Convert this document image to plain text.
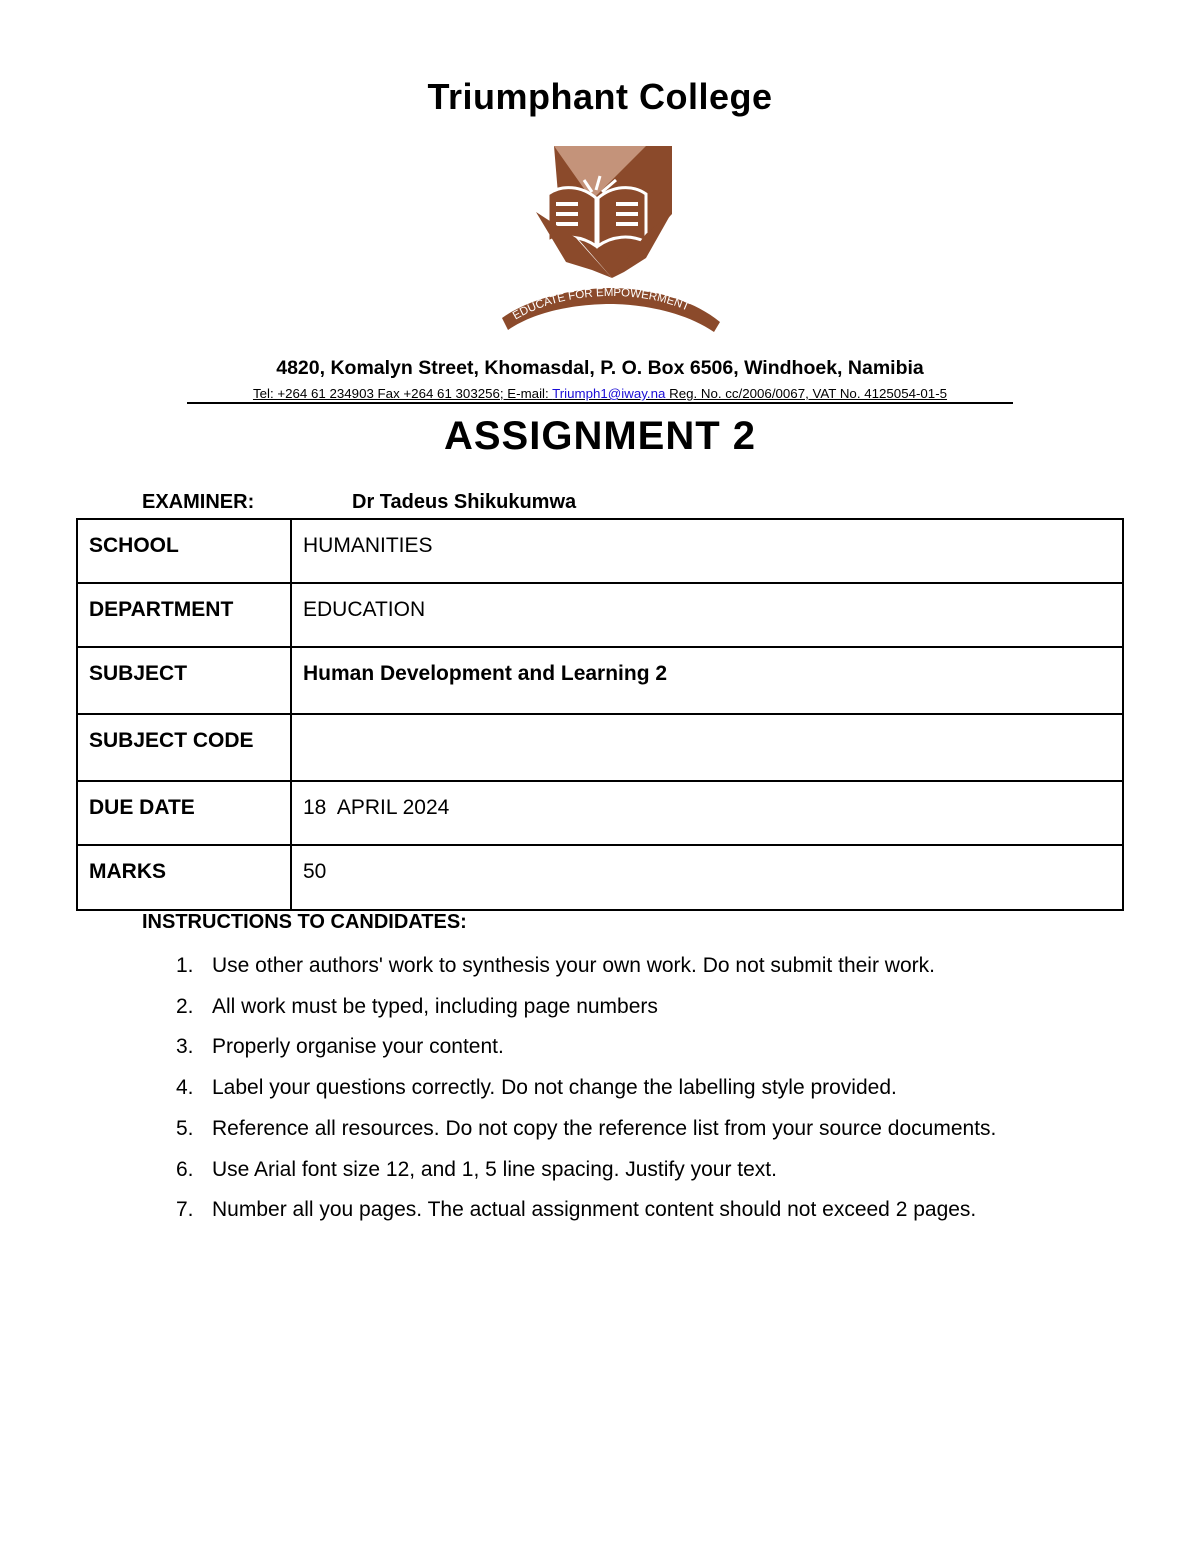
Triumphant College
EDUCATE FOR EMPOWERMENT
4820, Komalyn Street, Khomasdal, P. O. Box 6506, Windhoek, Namibia
Tel: +264 61 234903 Fax +264 61 303256; E-mail: Triumph1@iway.na Reg. No. cc/2006/0067, VAT No. 4125054-01-5
ASSIGNMENT 2
EXAMINER:	Dr Tadeus Shikukumwa
SCHOOL	HUMANITIES
DEPARTMENT	EDUCATION
SUBJECT	Human Development and Learning 2
SUBJECT CODE	
DUE DATE	18  APRIL 2024
MARKS	50
INSTRUCTIONS TO CANDIDATES:
1. Use other authors' work to synthesis your own work. Do not submit their work.
2. All work must be typed, including page numbers
3. Properly organise your content.
4. Label your questions correctly. Do not change the labelling style provided.
5. Reference all resources. Do not copy the reference list from your source documents.
6. Use Arial font size 12, and 1, 5 line spacing. Justify your text.
7. Number all you pages. The actual assignment content should not exceed 2 pages.
